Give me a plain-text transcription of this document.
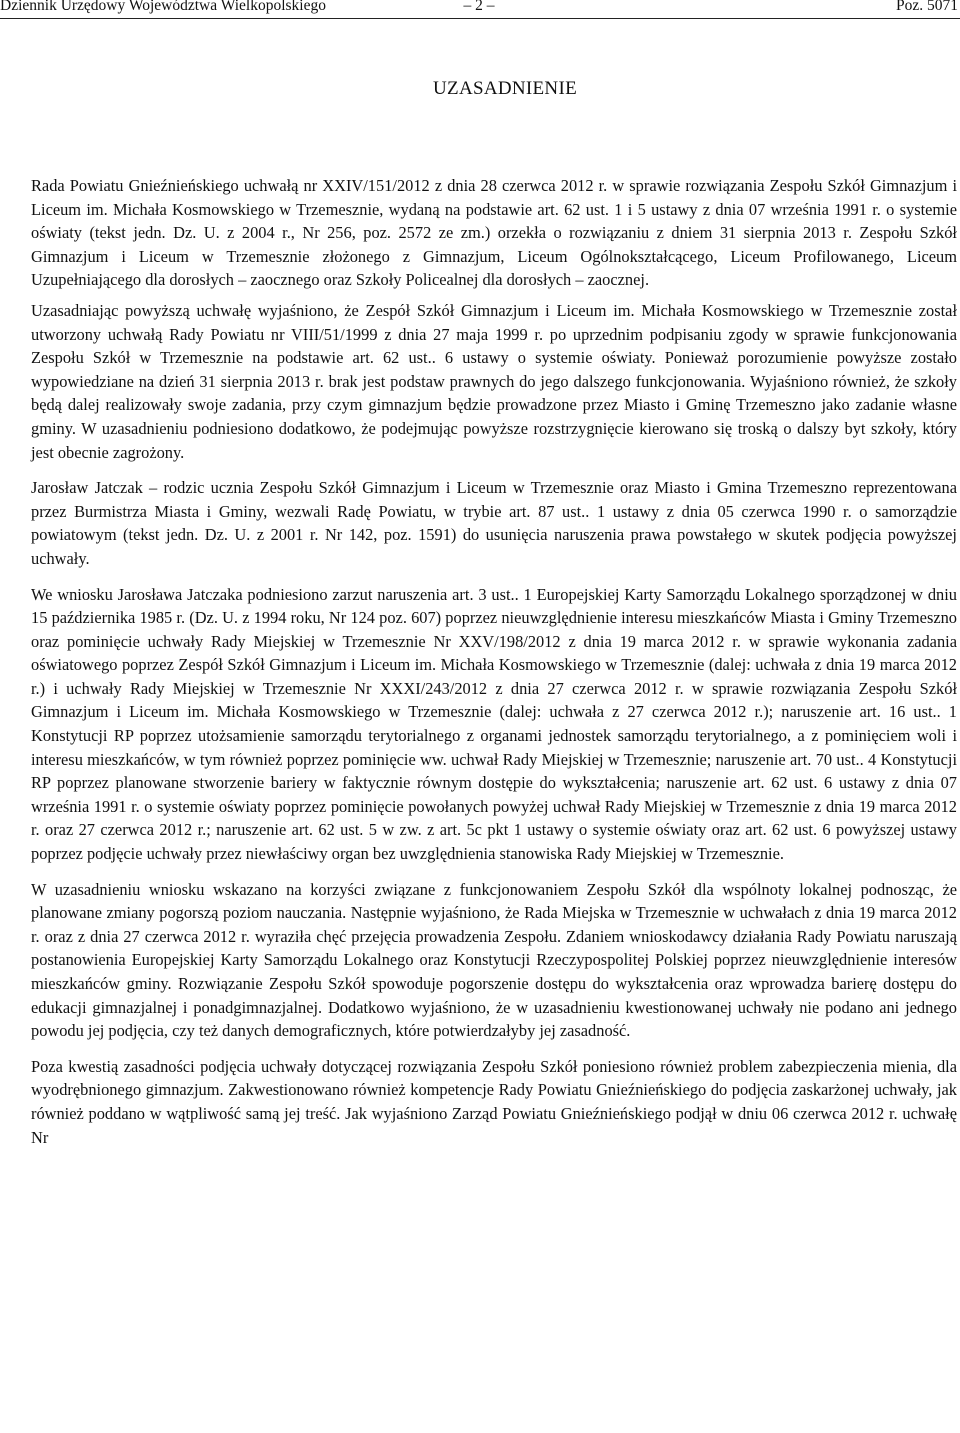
Dziennik Urzędowy Województwa Wielkopolskiego	– 2 –	Poz. 5071
UZASADNIENIE

Rada Powiatu Gnieźnieńskiego uchwałą nr XXIV/151/2012 z dnia 28 czerwca 2012 r. w sprawie rozwiązania Zespołu Szkół Gimnazjum i Liceum im. Michała Kosmowskiego w Trzemesznie, wydaną na podstawie art. 62 ust. 1 i 5 ustawy z dnia 07 września 1991 r. o systemie oświaty (tekst jedn. Dz. U. z 2004 r., Nr 256, poz. 2572 ze zm.) orzekła o rozwiązaniu z dniem 31 sierpnia 2013 r. Zespołu Szkół Gimnazjum i Liceum w Trzemesznie złożonego z Gimnazjum, Liceum Ogólnokształcącego, Liceum Profilowanego, Liceum Uzupełniającego dla dorosłych – zaocznego oraz Szkoły Policealnej dla dorosłych – zaocznej.

Uzasadniając powyższą uchwałę wyjaśniono, że Zespół Szkół Gimnazjum i Liceum im. Michała Kosmowskiego w Trzemesznie został utworzony uchwałą Rady Powiatu nr VIII/51/1999 z dnia 27 maja 1999 r. po uprzednim podpisaniu zgody w sprawie funkcjonowania Zespołu Szkół w Trzemesznie na podstawie art. 62 ust.. 6 ustawy o systemie oświaty. Ponieważ porozumienie powyższe zostało wypowiedziane na dzień 31 sierpnia 2013 r. brak jest podstaw prawnych do jego dalszego funkcjonowania. Wyjaśniono również, że szkoły będą dalej realizowały swoje zadania, przy czym gimnazjum będzie prowadzone przez Miasto i Gminę Trzemeszno jako zadanie własne gminy. W uzasadnieniu podniesiono dodatkowo, że podejmując powyższe rozstrzygnięcie kierowano się troską o dalszy byt szkoły, który jest obecnie zagrożony.

Jarosław Jatczak – rodzic ucznia Zespołu Szkół Gimnazjum i Liceum w Trzemesznie oraz Miasto i Gmina Trzemeszno reprezentowana przez Burmistrza Miasta i Gminy, wezwali Radę Powiatu, w trybie art. 87 ust.. 1 ustawy z dnia 05 czerwca 1990 r. o samorządzie powiatowym (tekst jedn. Dz. U. z 2001 r. Nr 142, poz. 1591) do usunięcia naruszenia prawa powstałego w skutek podjęcia powyższej uchwały.

We wniosku Jarosława Jatczaka podniesiono zarzut naruszenia art. 3 ust.. 1 Europejskiej Karty Samorządu Lokalnego sporządzonej w dniu 15 października 1985 r. (Dz. U. z 1994 roku, Nr 124 poz. 607) poprzez nieuwzględnienie interesu mieszkańców Miasta i Gminy Trzemeszno oraz pominięcie uchwały Rady Miejskiej w Trzemesznie Nr XXV/198/2012 z dnia 19 marca 2012 r. w sprawie wykonania zadania oświatowego poprzez Zespół Szkół Gimnazjum i Liceum im. Michała Kosmowskiego w Trzemesznie (dalej: uchwała z dnia 19 marca 2012 r.) i uchwały Rady Miejskiej w Trzemesznie Nr XXXI/243/2012 z dnia 27 czerwca 2012 r. w sprawie rozwiązania Zespołu Szkół Gimnazjum i Liceum im. Michała Kosmowskiego w Trzemesznie (dalej: uchwała z 27 czerwca 2012 r.); naruszenie art. 16 ust.. 1 Konstytucji RP poprzez utożsamienie samorządu terytorialnego z organami jednostek samorządu terytorialnego, a z pominięciem woli i interesu mieszkańców, w tym również poprzez pominięcie ww. uchwał Rady Miejskiej w Trzemesznie; naruszenie art. 70 ust.. 4 Konstytucji RP poprzez planowane stworzenie bariery w faktycznie równym dostępie do wykształcenia; naruszenie art. 62 ust. 6 ustawy z dnia 07 września 1991 r. o systemie oświaty poprzez pominięcie powołanych powyżej uchwał Rady Miejskiej w Trzemesznie z dnia 19 marca 2012 r. oraz 27 czerwca 2012 r.; naruszenie art. 62 ust. 5 w zw. z art. 5c pkt 1 ustawy o systemie oświaty oraz art. 62 ust. 6 powyższej ustawy poprzez podjęcie uchwały przez niewłaściwy organ bez uwzględnienia stanowiska Rady Miejskiej w Trzemesznie.

W uzasadnieniu wniosku wskazano na korzyści związane z funkcjonowaniem Zespołu Szkół dla wspólnoty lokalnej podnosząc, że planowane zmiany pogorszą poziom nauczania. Następnie wyjaśniono, że Rada Miejska w Trzemesznie w uchwałach z dnia 19 marca 2012 r. oraz z dnia 27 czerwca 2012 r. wyraziła chęć przejęcia prowadzenia Zespołu. Zdaniem wnioskodawcy działania Rady Powiatu naruszają postanowienia Europejskiej Karty Samorządu Lokalnego oraz Konstytucji Rzeczypospolitej Polskiej poprzez nieuwzględnienie interesów mieszkańców gminy. Rozwiązanie Zespołu Szkół spowoduje pogorszenie dostępu do wykształcenia oraz wprowadza barierę dostępu do edukacji gimnazjalnej i ponadgimnazjalnej. Dodatkowo wyjaśniono, że w uzasadnieniu kwestionowanej uchwały nie podano ani jednego powodu jej podjęcia, czy też danych demograficznych, które potwierdzałyby jej zasadność.

Poza kwestią zasadności podjęcia uchwały dotyczącej rozwiązania Zespołu Szkół poniesiono również problem zabezpieczenia mienia, dla wyodrębnionego gimnazjum. Zakwestionowano również kompetencje Rady Powiatu Gnieźnieńskiego do podjęcia zaskarżonej uchwały, jak również poddano w wątpliwość samą jej treść. Jak wyjaśniono Zarząd Powiatu Gnieźnieńskiego podjął w dniu 06 czerwca 2012 r. uchwałę Nr
